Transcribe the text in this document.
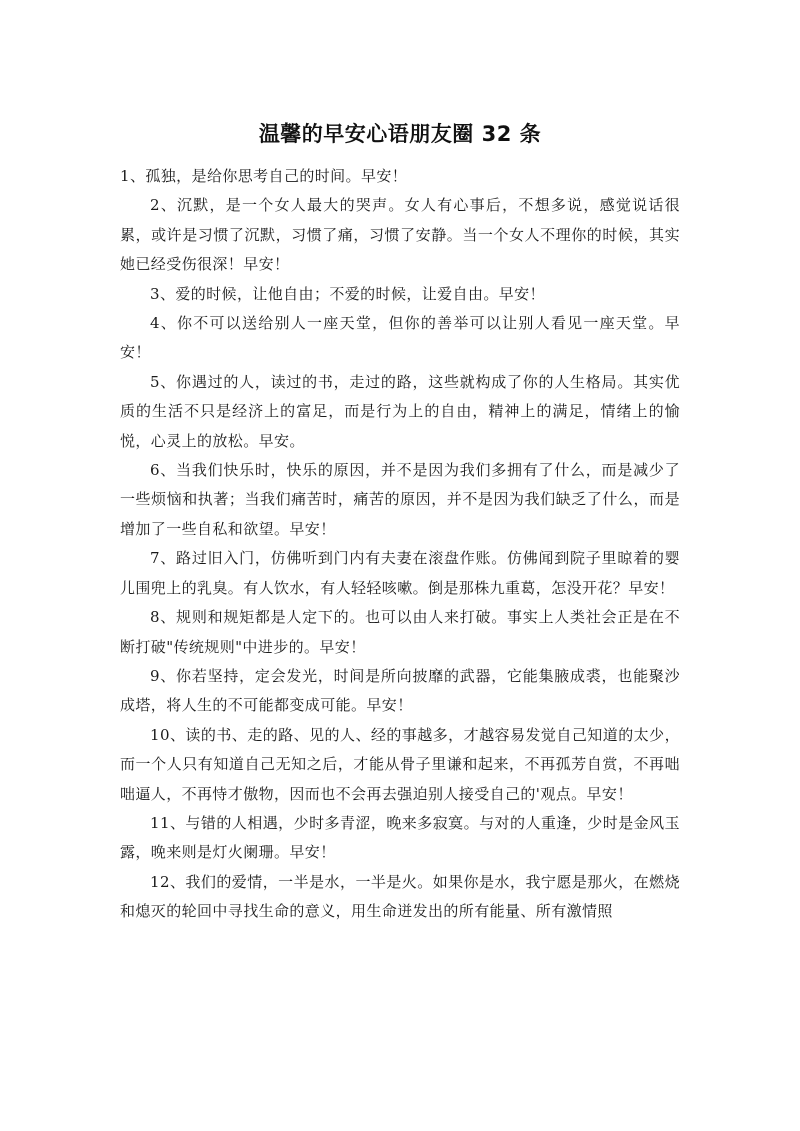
温馨的早安心语朋友圈 32 条

1、孤独，是给你思考自己的时间。早安！

2、沉默，是一个女人最大的哭声。女人有心事后，不想多说，感觉说话很累，或许是习惯了沉默，习惯了痛，习惯了安静。当一个女人不理你的时候，其实她已经受伤很深！早安！

3、爱的时候，让他自由；不爱的时候，让爱自由。早安！

4、你不可以送给别人一座天堂，但你的善举可以让别人看见一座天堂。早安！

5、你遇过的人，读过的书，走过的路，这些就构成了你的人生格局。其实优质的生活不只是经济上的富足，而是行为上的自由，精神上的满足，情绪上的愉悦，心灵上的放松。早安。

6、当我们快乐时，快乐的原因，并不是因为我们多拥有了什么，而是减少了一些烦恼和执著；当我们痛苦时，痛苦的原因，并不是因为我们缺乏了什么，而是增加了一些自私和欲望。早安！

7、路过旧入门，仿佛听到门内有夫妻在滚盘作账。仿佛闻到院子里晾着的婴儿围兜上的乳臭。有人饮水，有人轻轻咳嗽。倒是那株九重葛，怎没开花？早安！

8、规则和规矩都是人定下的。也可以由人来打破。事实上人类社会正是在不断打破"传统规则"中进步的。早安！

9、你若坚持，定会发光，时间是所向披靡的武器，它能集腋成裘，也能聚沙成塔，将人生的不可能都变成可能。早安！

10、读的书、走的路、见的人、经的事越多，才越容易发觉自己知道的太少，而一个人只有知道自己无知之后，才能从骨子里谦和起来，不再孤芳自赏，不再咄咄逼人，不再恃才傲物，因而也不会再去强迫别人接受自己的'观点。早安！

11、与错的人相遇，少时多青涩，晚来多寂寞。与对的人重逢，少时是金风玉露，晚来则是灯火阑珊。早安！

12、我们的爱情，一半是水，一半是火。如果你是水，我宁愿是那火，在燃烧和熄灭的轮回中寻找生命的意义，用生命迸发出的所有能量、所有激情照
